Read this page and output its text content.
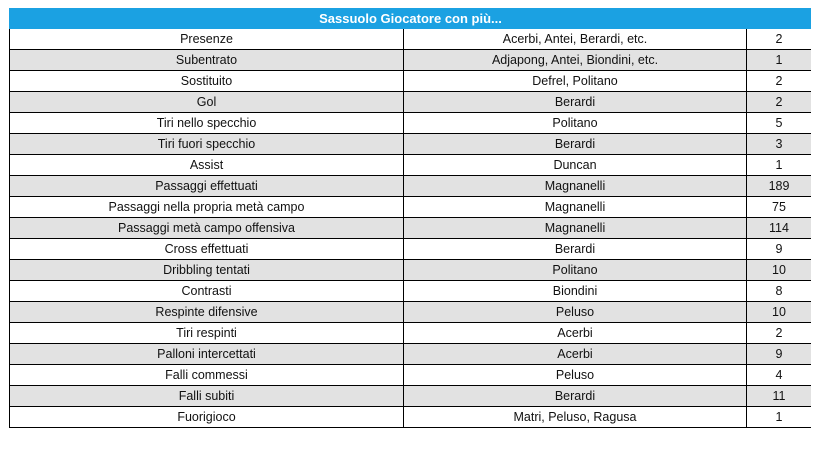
Sassuolo Giocatore con più...		
Presenze	Acerbi, Antei, Berardi, etc.	2
Subentrato	Adjapong, Antei, Biondini, etc.	1
Sostituito	Defrel, Politano	2
Gol	Berardi	2
Tiri nello specchio	Politano	5
Tiri fuori specchio	Berardi	3
Assist	Duncan	1
Passaggi effettuati	Magnanelli	189
Passaggi nella propria metà campo	Magnanelli	75
Passaggi metà campo offensiva	Magnanelli	114
Cross effettuati	Berardi	9
Dribbling tentati	Politano	10
Contrasti	Biondini	8
Respinte difensive	Peluso	10
Tiri respinti	Acerbi	2
Palloni intercettati	Acerbi	9
Falli commessi	Peluso	4
Falli subiti	Berardi	11
Fuorigioco	Matri, Peluso, Ragusa	1
